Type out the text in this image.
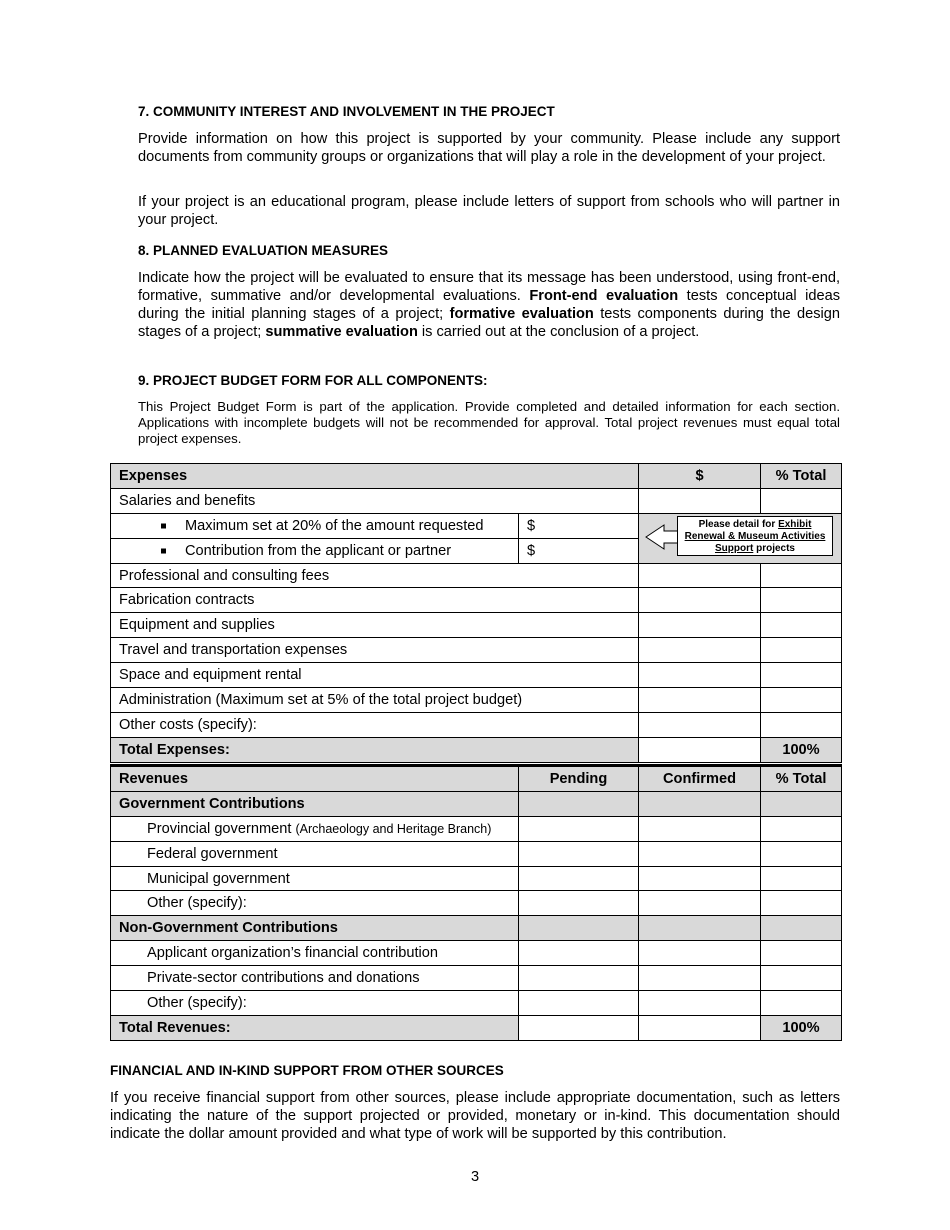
7. COMMUNITY INTEREST AND INVOLVEMENT IN THE PROJECT
Provide information on how this project is supported by your community. Please include any support documents from community groups or organizations that will play a role in the development of your project.
If your project is an educational program, please include letters of support from schools who will partner in your project.
8. PLANNED EVALUATION MEASURES
Indicate how the project will be evaluated to ensure that its message has been understood, using front-end, formative, summative and/or developmental evaluations. Front-end evaluation tests conceptual ideas during the initial planning stages of a project; formative evaluation tests components during the design stages of a project; summative evaluation is carried out at the conclusion of a project.
9. PROJECT BUDGET FORM FOR ALL COMPONENTS:
This Project Budget Form is part of the application. Provide completed and detailed information for each section. Applications with incomplete budgets will not be recommended for approval. Total project revenues must equal total project expenses.
Expenses		$	% Total
Salaries and benefits			

Maximum set at 20% of the amount requested	$		

Contribution from the applicant or partner	$		
Professional and consulting fees			
Fabrication contracts			
Equipment and supplies			
Travel and transportation expenses			
Space and equipment rental			
Administration (Maximum set at 5% of the total project budget)			
Other costs (specify):			
Total Expenses:			100%
Please detail for Exhibit Renewal & Museum Activities Support projects
Revenues	Pending	Confirmed	% Total
Government Contributions			
Provincial government (Archaeology and Heritage Branch)			
Federal government			
Municipal government			
Other (specify):			
Non-Government Contributions			
Applicant organization’s financial contribution			
Private-sector contributions and donations			
Other (specify):			
Total Revenues:			100%
FINANCIAL AND IN-KIND SUPPORT FROM OTHER SOURCES
If you receive financial support from other sources, please include appropriate documentation, such as letters indicating the nature of the support projected or provided, monetary or in-kind. This documentation should indicate the dollar amount provided and what type of work will be supported by this contribution.
3
